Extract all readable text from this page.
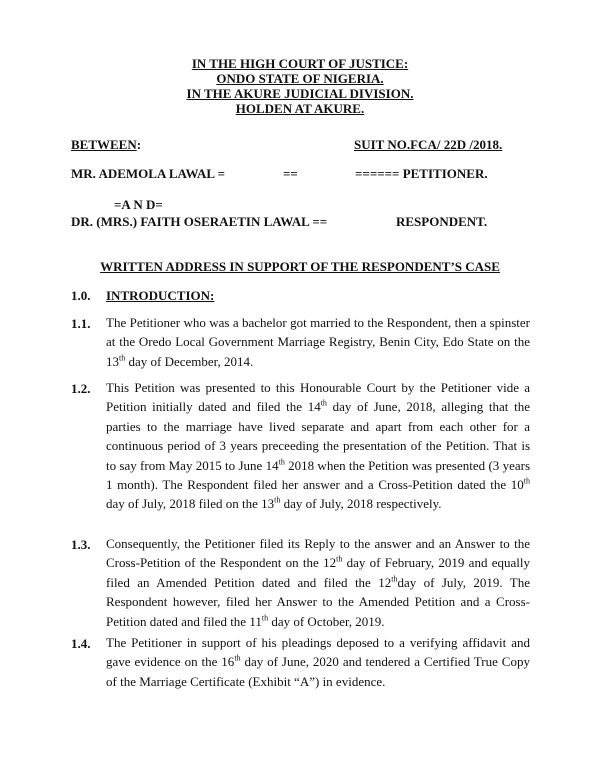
IN THE HIGH COURT OF JUSTICE:
ONDO STATE OF NIGERIA.
IN THE AKURE JUDICIAL DIVISION.
HOLDEN AT AKURE.
BETWEEN:	SUIT NO.FCA/ 22D /2018.
MR. ADEMOLA LAWAL =	==	====== PETITIONER.
=A N D=
DR. (MRS.) FAITH OSERAETIN LAWAL ==	RESPONDENT.
WRITTEN ADDRESS IN SUPPORT OF THE RESPONDENT’S CASE
1.0. INTRODUCTION:
1.1. The Petitioner who was a bachelor got married to the Respondent, then a spinster at the Oredo Local Government Marriage Registry, Benin City, Edo State on the 13th day of December, 2014.
1.2. This Petition was presented to this Honourable Court by the Petitioner vide a Petition initially dated and filed the 14th day of June, 2018, alleging that the parties to the marriage have lived separate and apart from each other for a continuous period of 3 years preceeding the presentation of the Petition. That is to say from May 2015 to June 14th 2018 when the Petition was presented (3 years 1 month). The Respondent filed her answer and a Cross-Petition dated the 10th day of July, 2018 filed on the 13th day of July, 2018 respectively.
1.3. Consequently, the Petitioner filed its Reply to the answer and an Answer to the Cross-Petition of the Respondent on the 12th day of February, 2019 and equally filed an Amended Petition dated and filed the 12thday of July, 2019. The Respondent however, filed her Answer to the Amended Petition and a Cross-Petition dated and filed the 11th day of October, 2019.
1.4. The Petitioner in support of his pleadings deposed to a verifying affidavit and gave evidence on the 16th day of June, 2020 and tendered a Certified True Copy of the Marriage Certificate (Exhibit “A”) in evidence.
